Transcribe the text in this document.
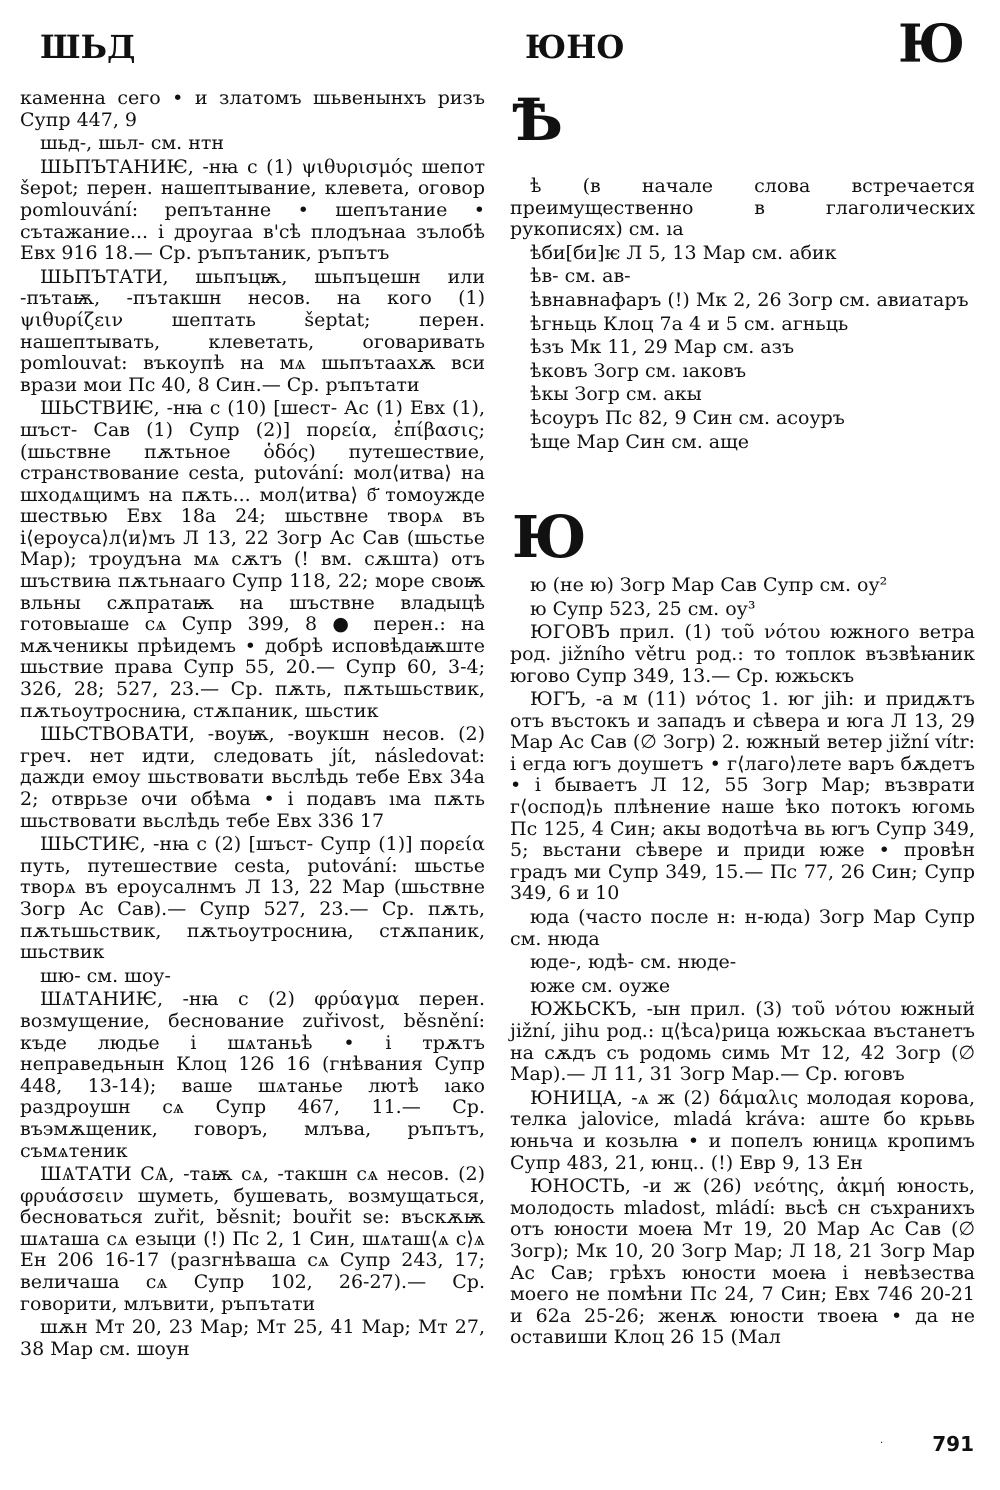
ШЬД	ЮНО	Ю
каменна сего • и златомъ шьвенынхъ ризъ Супр 447, 9
шьд-, шьл- см. нтн
ШЬПЪТАНИѤ, -нꙗ с (1) ψιθυρισμός шепот šepot; перен. нашептывание, клевета, оговор pomlouvání: репътанне • шепътание • сътажание... і дроугаа в'сѣ плодънаа зълобѣ Евх 916 18.— Ср. ръпътаник, ръпътъ
ШЬПЪТАТИ, шьпъцѭ, шьпъцешн или -пътаѭ, -пътакшн несов. на кого (1) ψιθυρίζειν шептать šeptat; перен. нашептывать, клеветать, оговаривать pomlouvat: въкоупѣ на мѧ шьпътаахѫ вси врази мои Пс 40, 8 Син.— Ср. ръпътати
ШЬСТВИѤ, -нꙗ с (10) [шест- Ас (1) Евх (1), шъст- Сав (1) Супр (2)] πορεία, ἐπίβασις; (шьствне пѫтьное ὁδός) путешествие, странствование cesta, putování: мол⟨итва⟩ на шходѧщимъ на пѫть... мол⟨итва⟩ б҃ томоуждe шествью Евх 18а 24; шьствне творѧ въ і⟨ероуса⟩л⟨и⟩мъ Л 13, 22 Зогр Ас Сав (шьстье Мар); троудъна мѧ сѫтъ (! вм. сѫшта) отъ шъствиꙗ пѫтьнааго Супр 118, 22; море своѭ вльны сѫпратаѭ на шъствне владыцѣ готовыаше сѧ Супр 399, 8 ● перен.: на мѫченикы прѣидемъ • добрѣ исповѣдаѭште шьствие права Супр 55, 20.— Супр 60, 3-4; 326, 28; 527, 23.— Ср. пѫть, пѫтьшьствик, пѫтьоутросниꙗ, стѫпаник, шьстик
ШЬСТВОВАТИ, -воуѭ, -воукшн несов. (2) греч. нет идти, следовать jít, následovat: дажди емоу шьствовати вьслѣдь тебе Евх 34а 2; отврьзе очи обѣма • і подавъ ıма пѫть шьствовати вьслѣдь тебе Евх 336 17
ШЬСТИѤ, -нꙗ с (2) [шъст- Супр (1)] πορεία путь, путешествие cesta, putování: шьстье творѧ въ ероусалнмъ Л 13, 22 Мар (шьствне Зогр Ас Сав).— Супр 527, 23.— Ср. пѫть, пѫтьшьствик, пѫтьоутросниꙗ, стѫпаник, шьствик
шю- см. шоу-
ШѦТАНИѤ, -нꙗ с (2) φρύαγμα перен. возмущение, беснование zuřivost, běsnění: къде людье і шѧтаньѣ • і трѫтъ неправедьнын Клоц 126 16 (гнѣвания Супр 448, 13-14); ваше шѧтанье лютѣ ıако раздроушн сѧ Супр 467, 11.— Ср. въэмѫщеник, говоръ, млъва, ръпътъ, съмѧтеник
ШѦТАТИ СѦ, -таѭ сѧ, -такшн сѧ несов. (2) φρυάσσειν шуметь, бушевать, возмущаться, бесноваться zuřit, běsnit; bouřit se: въскѫѭ шѧташа сѧ езыци (!) Пс 2, 1 Син, шѧташ⟨ѧ с⟩ѧ Ен 206 16-17 (разгнѣваша сѧ Супр 243, 17; величаша сѧ Супр 102, 26-27).— Ср. говорити, млъвити, ръпътати
шѫн Мт 20, 23 Мар; Мт 25, 41 Мар; Мт 27, 38 Мар см. шоун
Ѣ
ѣ (в начале слова встречается преимущественно в глаголических рукописях) см. ıа
ѣби[би]ѥ Л 5, 13 Мар см. абик
ѣв- см. ав-
ѣвнавнафаръ (!) Мк 2, 26 Зогр см. авиатаръ
ѣгньць Клоц 7а 4 и 5 см. агньць
ѣзъ Мк 11, 29 Мар см. азъ
ѣковъ Зогр см. ıаковъ
ѣкы Зогр см. акы
ѣсоуръ Пс 82, 9 Син см. асоуръ
ѣще Мар Син см. аще
Ю
ю (не ю) Зогр Мар Сав Супр см. оу²
ю Супр 523, 25 см. оу³
ЮГОВЪ прил. (1) τοῦ νότου южного ветра род. jižního větru род.: то топлок възвѣꙗник югово Супр 349, 13.— Ср. южьскъ
ЮГЪ, -а м (11) νότος 1. юг jih: и придѫтъ отъ въстокъ и западъ и сѣвера и юга Л 13, 29 Мар Ас Сав (∅ Зогр) 2. южный ветер jižní vítr: і егда югъ доушетъ • г⟨лаго⟩лете варъ бѫдетъ • і бываетъ Л 12, 55 Зогр Мар; възврати г⟨оспод⟩ь плѣнение наше ѣко потокъ югомь Пс 125, 4 Син; акы водотѣча вь югъ Супр 349, 5; вьстани сѣвере и приди юже • провѣн градъ ми Супр 349, 15.— Пс 77, 26 Син; Супр 349, 6 и 10
юда (часто после н: н-юда) Зогр Мар Супр см. нюда
юде-, юдѣ- см. нюде-
юже см. оуже
ЮЖЬСКЪ, -ын прил. (3) τοῦ νότου южный jižní, jihu род.: ц⟨ѣса⟩рица южьскаа въстанетъ на сѫдъ съ родомь симь Мт 12, 42 Зогр (∅ Мар).— Л 11, 31 Зогр Мар.— Ср. юговъ
ЮНИЦА, -ѧ ж (2) δάμαλις молодая корова, телка jalovice, mladá kráva: аште бо крьвь юньча и козьлꙗ • и попелъ юницѧ кропимъ Супр 483, 21, юнц.. (!) Евр 9, 13 Ен
ЮНОСТЬ, -и ж (26) νεότης, ἀκμή юность, молодость mladost, mládí: вьсѣ сн съхранихъ отъ юности моеꙗ Мт 19, 20 Мар Ас Сав (∅ Зогр); Мк 10, 20 Зогр Мар; Л 18, 21 Зогр Мар Ас Сав; грѣхъ юности моеꙗ і невѣзества моего не помѣни Пс 24, 7 Син; Евх 746 20-21 и 62а 25-26; женѫ юности твоеꙗ • да не оставиши Клоц 26 15 (Мал
· 791
